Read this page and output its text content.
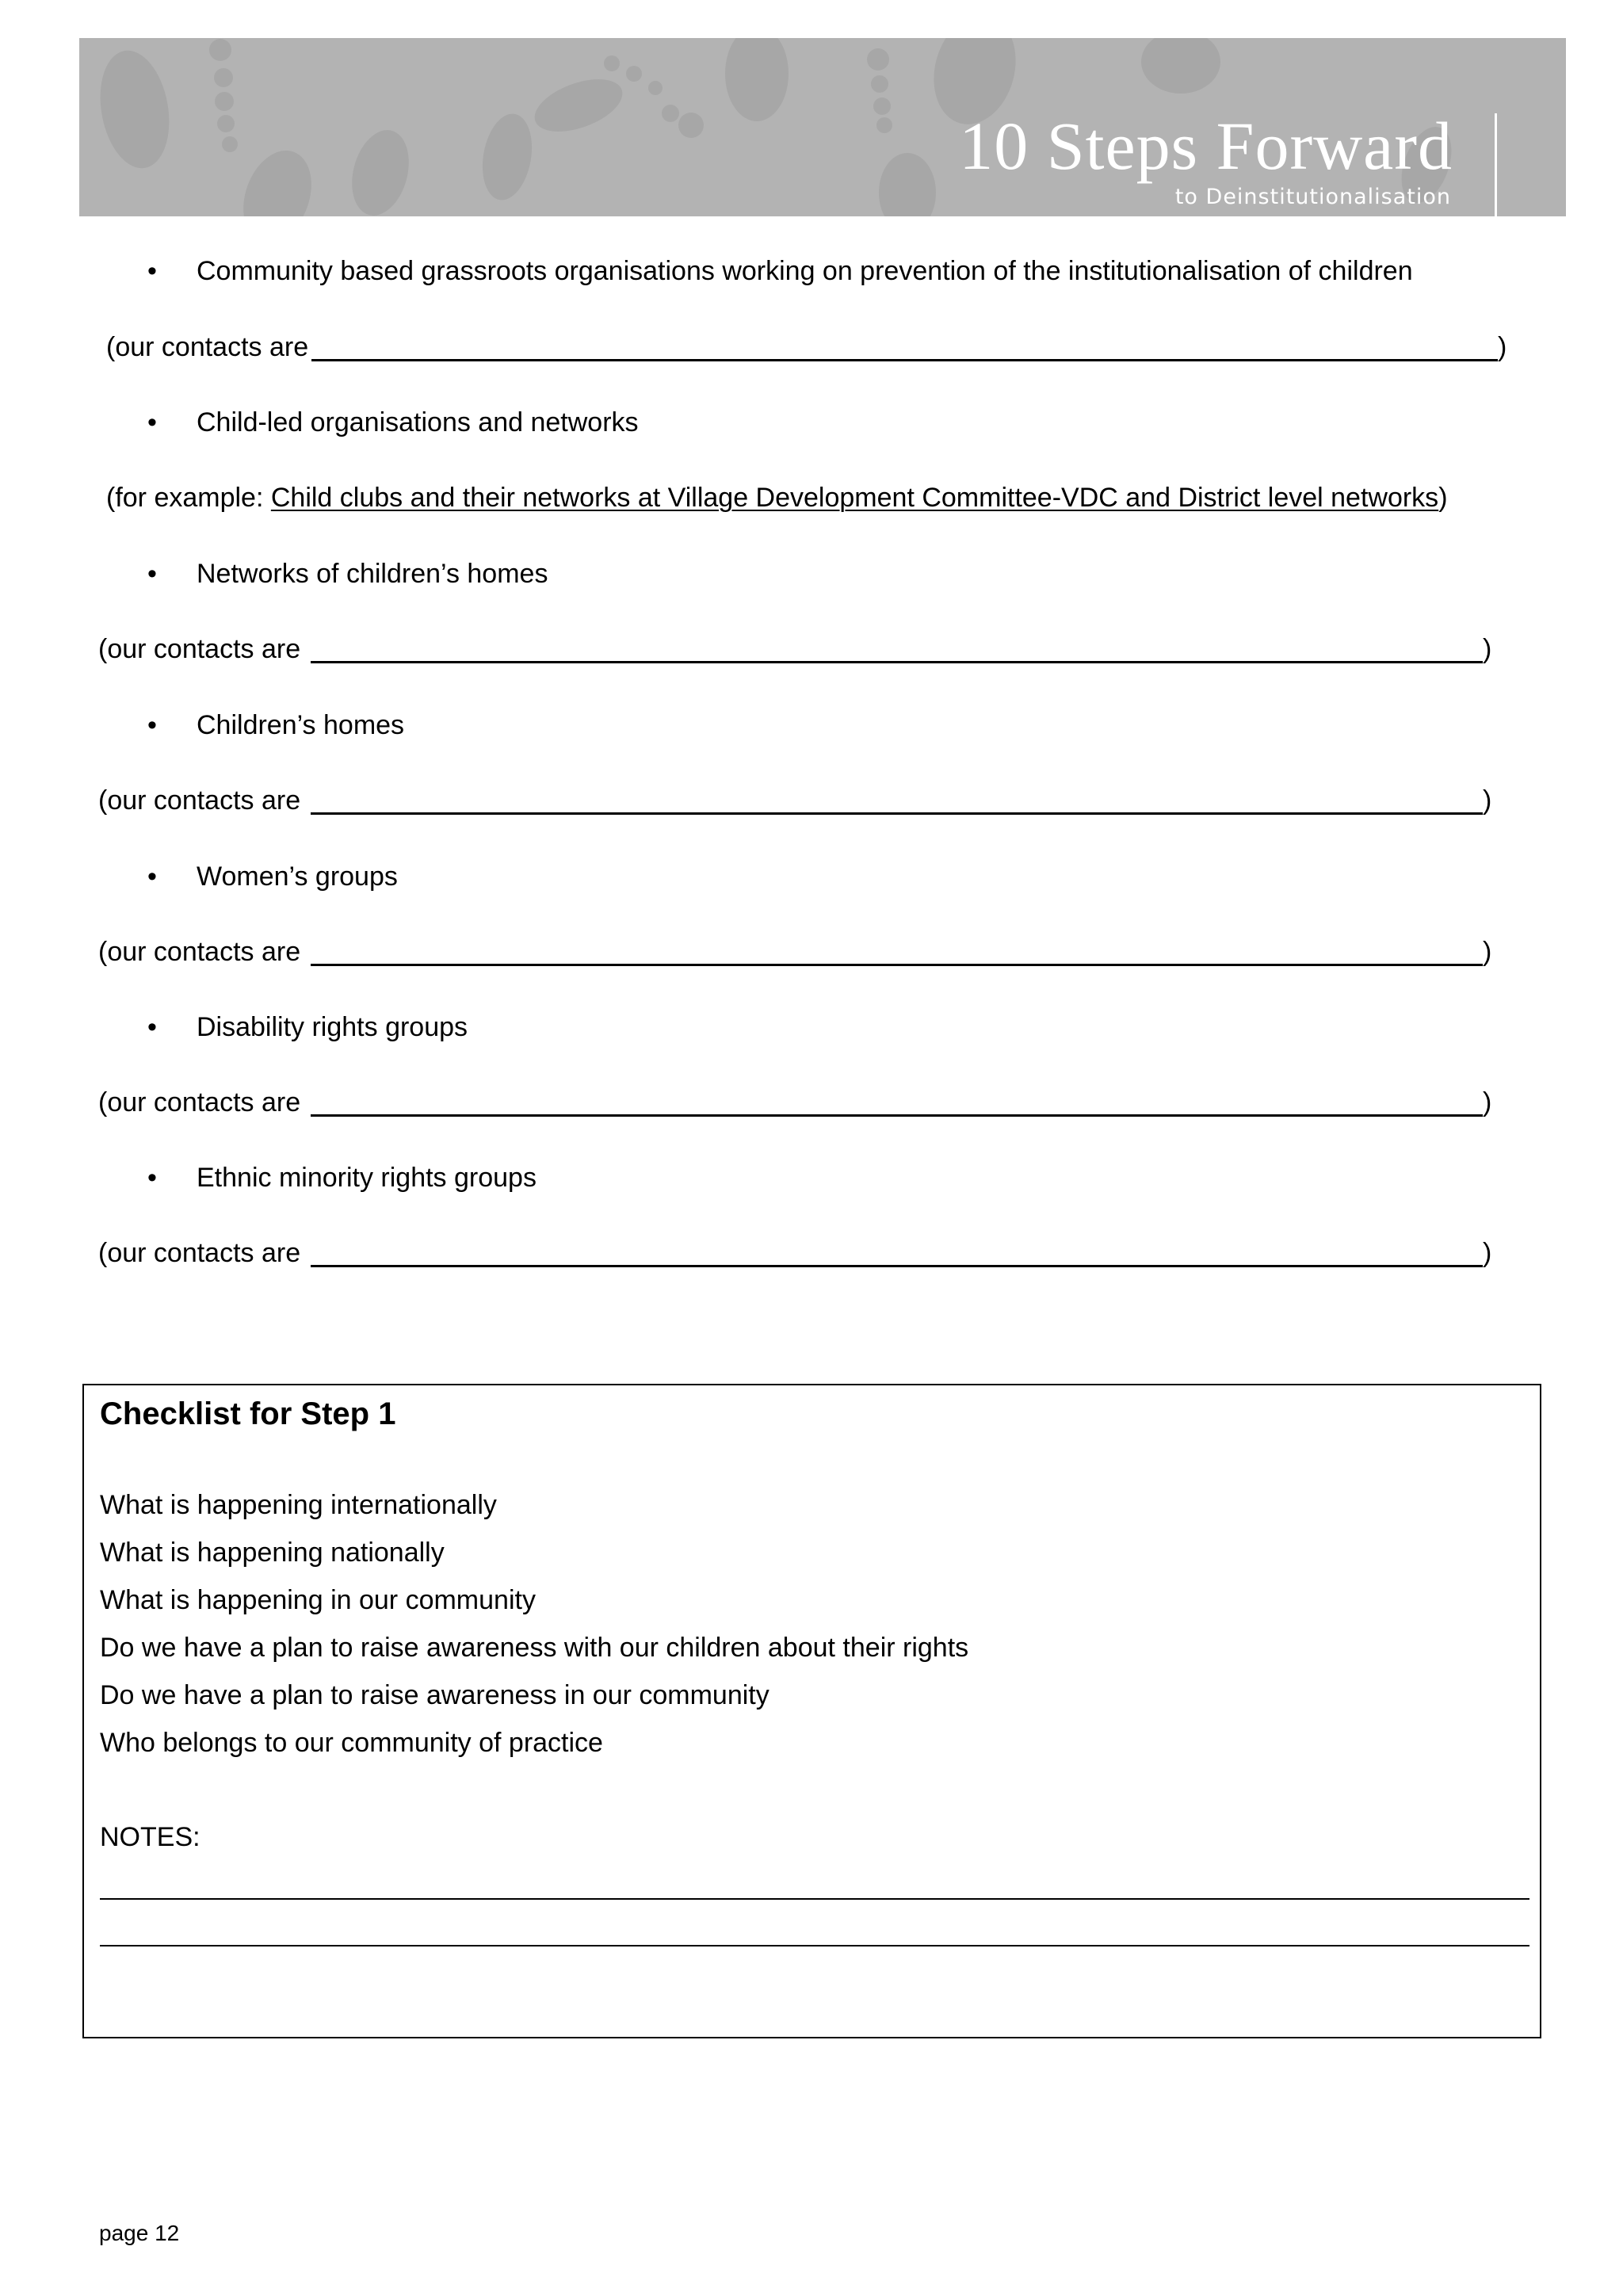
10 Steps Forward
to Deinstitutionalisation
• Community based grassroots organisations working on prevention of the institutionalisation of children
(our contacts are	)
• Child-led organisations and networks
(for example: Child clubs and their networks at Village Development Committee-VDC and District level networks)
• Networks of children’s homes
(our contacts are	)
• Children’s homes
(our contacts are	)
• Women’s groups
(our contacts are	)
• Disability rights groups
(our contacts are	)
• Ethnic minority rights groups
(our contacts are	)
Checklist for Step 1
What is happening internationally
What is happening nationally
What is happening in our community
Do we have a plan to raise awareness with our children about their rights
Do we have a plan to raise awareness in our community
Who belongs to our community of practice
NOTES:
page 12
